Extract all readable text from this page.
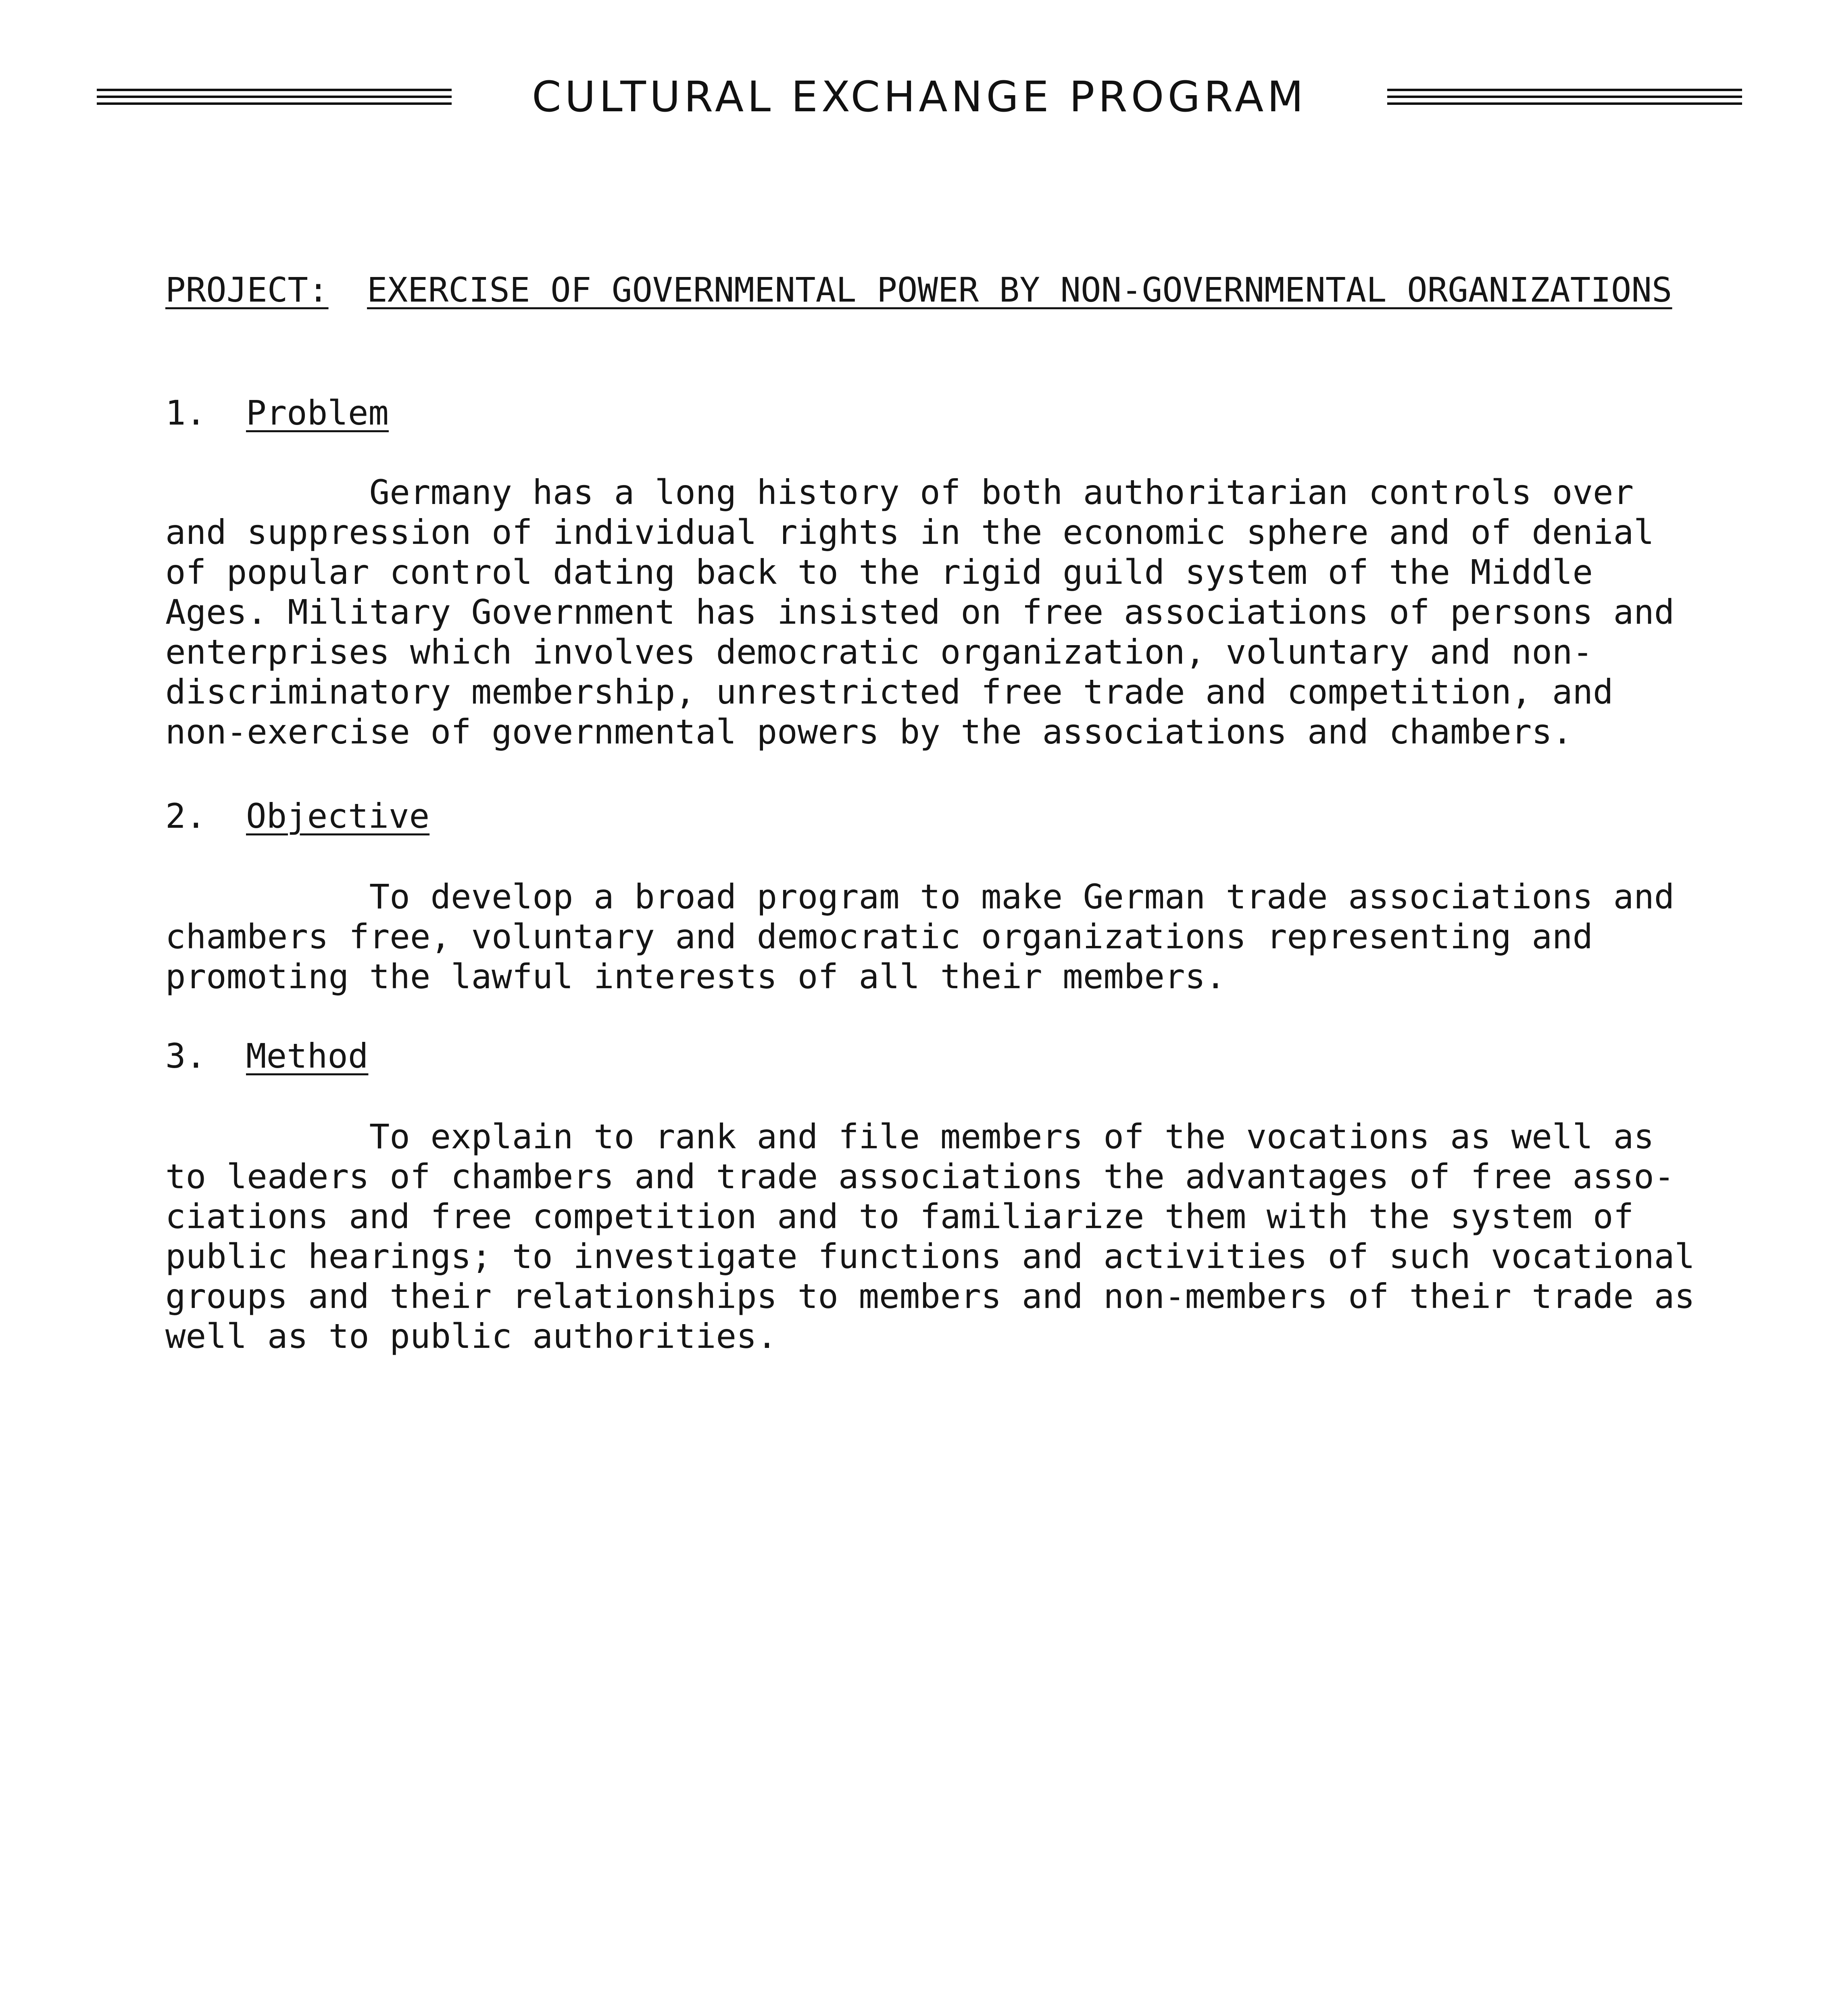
CULTURAL EXCHANGE PROGRAM
PROJECT: EXERCISE OF GOVERNMENTAL POWER BY NON-GOVERNMENTAL ORGANIZATIONS
1. Problem
Germany has a long history of both authoritarian controls over
and suppression of individual rights in the economic sphere and of denial
of popular control dating back to the rigid guild system of the Middle
Ages. Military Government has insisted on free associations of persons and
enterprises which involves democratic organization, voluntary and non-
discriminatory membership, unrestricted free trade and competition, and
non-exercise of governmental powers by the associations and chambers.
2. Objective
To develop a broad program to make German trade associations and
chambers free, voluntary and democratic organizations representing and
promoting the lawful interests of all their members.
3. Method
To explain to rank and file members of the vocations as well as
to leaders of chambers and trade associations the advantages of free asso-
ciations and free competition and to familiarize them with the system of
public hearings; to investigate functions and activities of such vocational
groups and their relationships to members and non-members of their trade as
well as to public authorities.
